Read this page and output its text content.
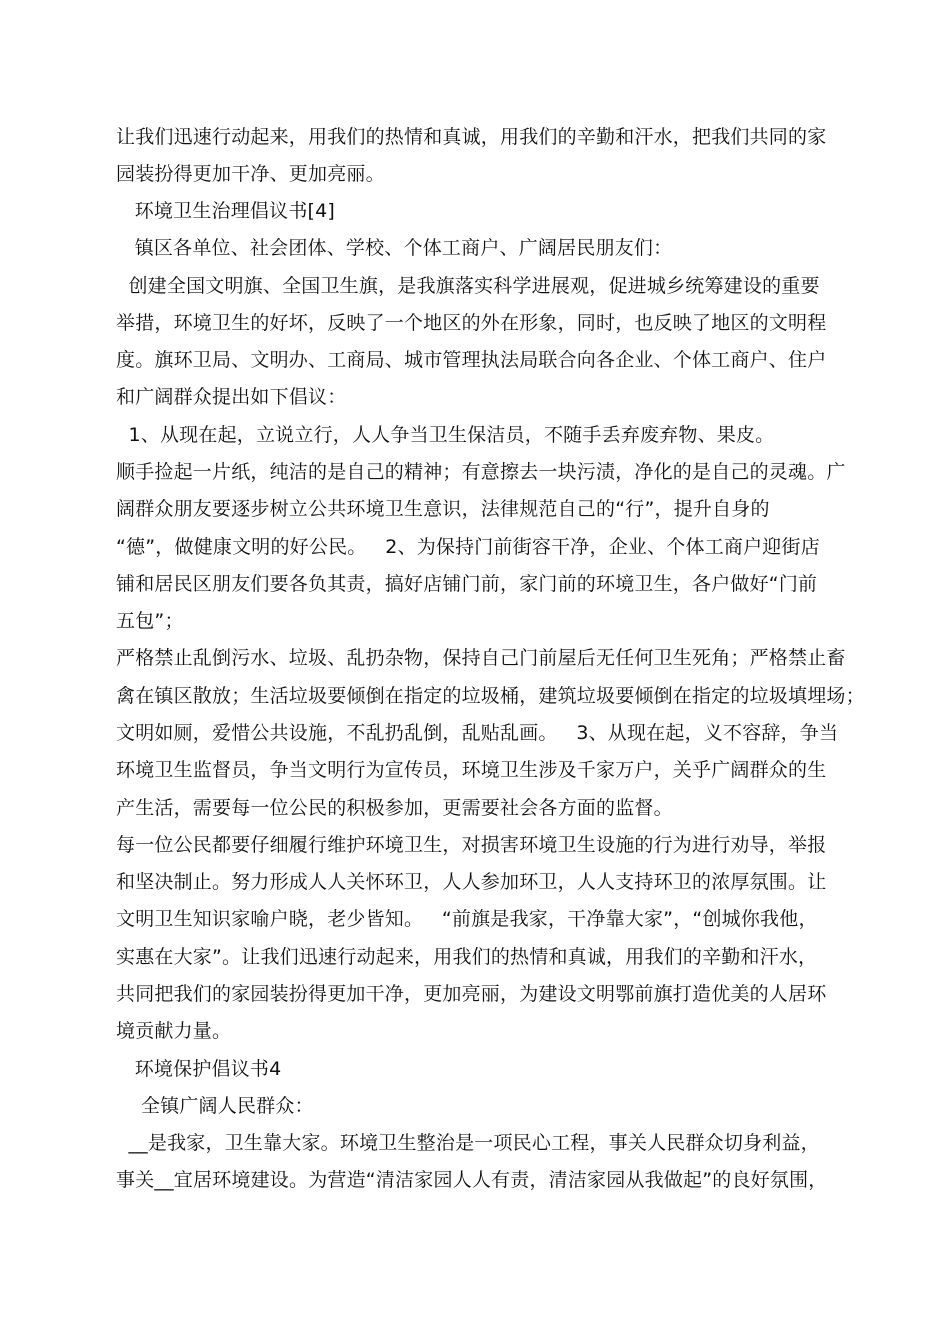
让我们迅速行动起来，用我们的热情和真诚，用我们的辛勤和汗水，把我们共同的家
园装扮得更加干净、更加亮丽。
环境卫生治理倡议书[4]
镇区各单位、社会团体、学校、个体工商户、广阔居民朋友们：
创建全国文明旗、全国卫生旗，是我旗落实科学进展观，促进城乡统筹建设的重要
举措，环境卫生的好坏，反映了一个地区的外在形象，同时，也反映了地区的文明程
度。旗环卫局、文明办、工商局、城市管理执法局联合向各企业、个体工商户、住户
和广阔群众提出如下倡议：
1、从现在起，立说立行，人人争当卫生保洁员，不随手丢弃废弃物、果皮。
顺手捡起一片纸，纯洁的是自己的精神；有意擦去一块污渍，净化的是自己的灵魂。广
阔群众朋友要逐步树立公共环境卫生意识，法律规范自己的“行”，提升自身的
“德”，做健康文明的好公民。   2、为保持门前街容干净，企业、个体工商户迎街店
铺和居民区朋友们要各负其责，搞好店铺门前，家门前的环境卫生，各户做好“门前
五包”；
严格禁止乱倒污水、垃圾、乱扔杂物，保持自己门前屋后无任何卫生死角；严格禁止畜
禽在镇区散放；生活垃圾要倾倒在指定的垃圾桶，建筑垃圾要倾倒在指定的垃圾填埋场；
文明如厕，爱惜公共设施，不乱扔乱倒，乱贴乱画。   3、从现在起，义不容辞，争当
环境卫生监督员，争当文明行为宣传员，环境卫生涉及千家万户，关乎广阔群众的生
产生活，需要每一位公民的积极参加，更需要社会各方面的监督。
每一位公民都要仔细履行维护环境卫生，对损害环境卫生设施的行为进行劝导，举报
和坚决制止。努力形成人人关怀环卫，人人参加环卫，人人支持环卫的浓厚氛围。让
文明卫生知识家喻户晓，老少皆知。   “前旗是我家，干净靠大家”，“创城你我他，
实惠在大家”。让我们迅速行动起来，用我们的热情和真诚，用我们的辛勤和汗水，
共同把我们的家园装扮得更加干净，更加亮丽，为建设文明鄂前旗打造优美的人居环
境贡献力量。
环境保护倡议书4
全镇广阔人民群众：
__是我家，卫生靠大家。环境卫生整治是一项民心工程，事关人民群众切身利益，
事关__宜居环境建设。为营造“清洁家园人人有责，清洁家园从我做起”的良好氛围，
